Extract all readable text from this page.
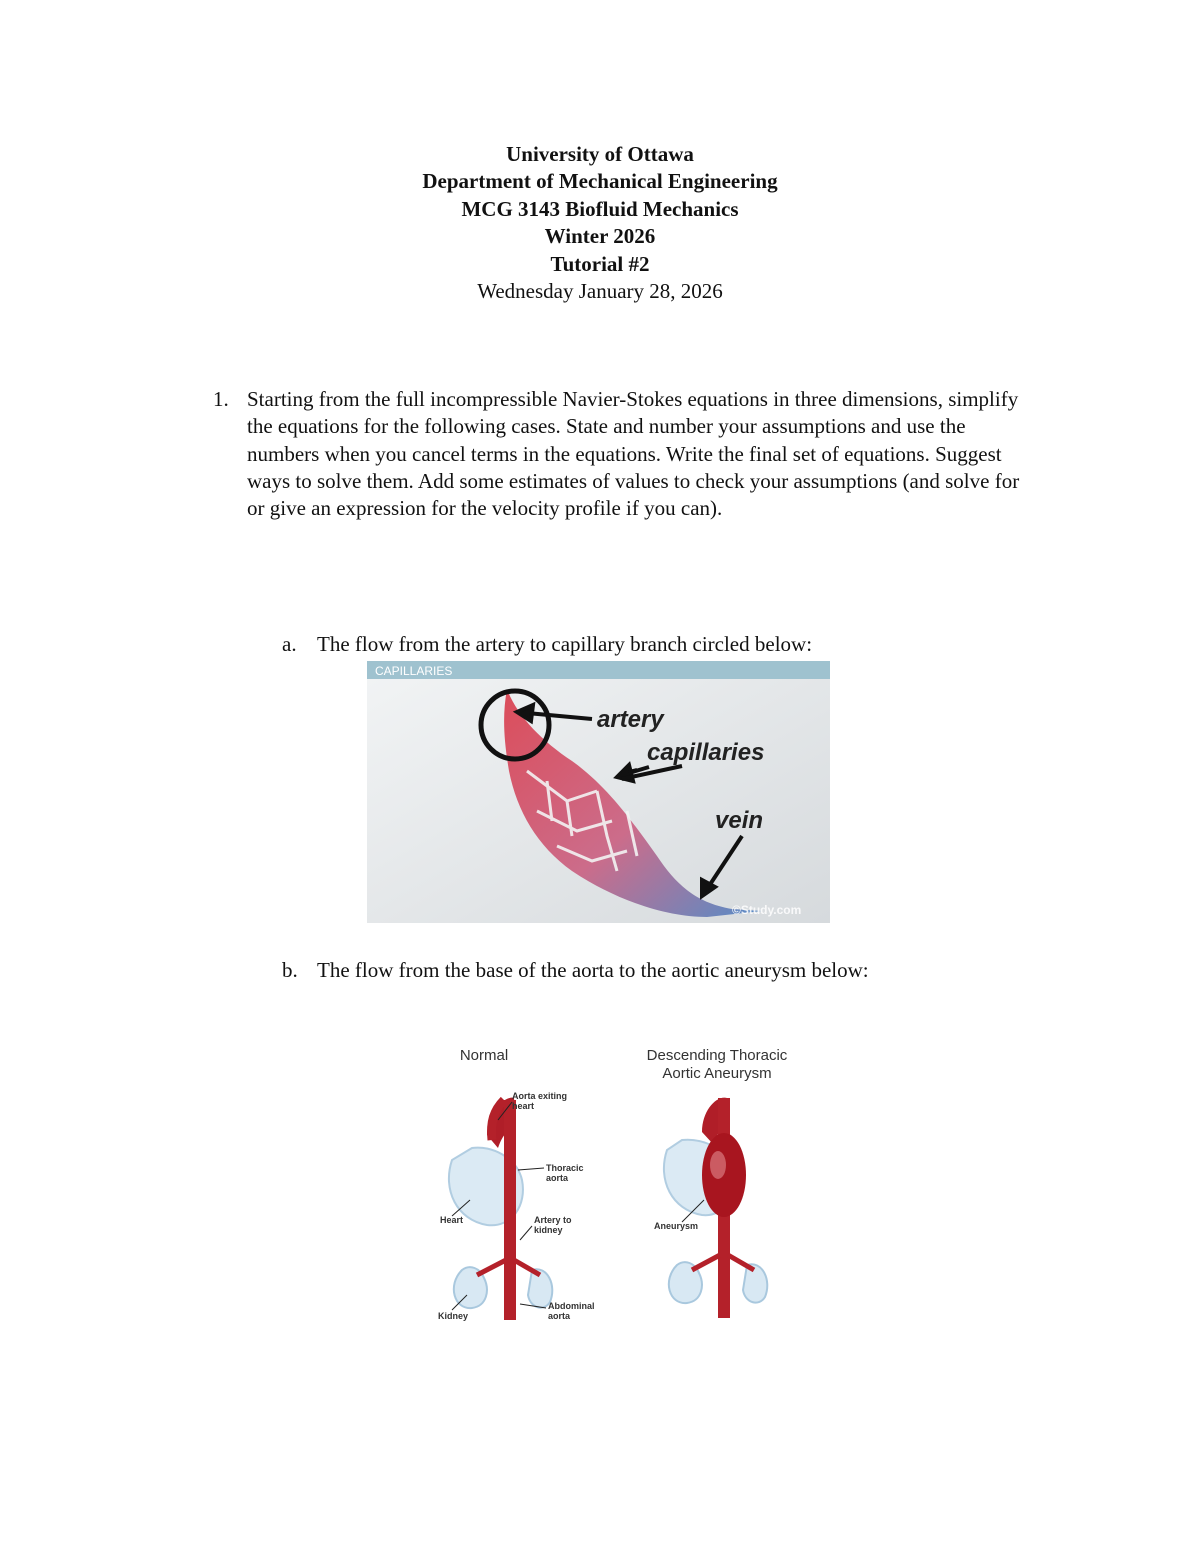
University of Ottawa
Department of Mechanical Engineering
MCG 3143 Biofluid Mechanics
Winter 2026
Tutorial #2
Wednesday January 28, 2026
1. Starting from the full incompressible Navier-Stokes equations in three dimensions, simplify the equations for the following cases. State and number your assumptions and use the numbers when you cancel terms in the equations. Write the final set of equations. Suggest ways to solve them. Add some estimates of values to check your assumptions (and solve for or give an expression for the velocity profile if you can).
a. The flow from the artery to capillary branch circled below:
CAPILLARIES
artery
capillaries
vein
©Study.com
b. The flow from the base of the aorta to the aortic aneurysm below:
Normal	Descending Thoracic
Aortic Aneurysm
Aorta exiting
heart
Thoracic
aorta
Heart	Artery to
kidney
Kidney
Abdominal
aorta
Aneurysm
